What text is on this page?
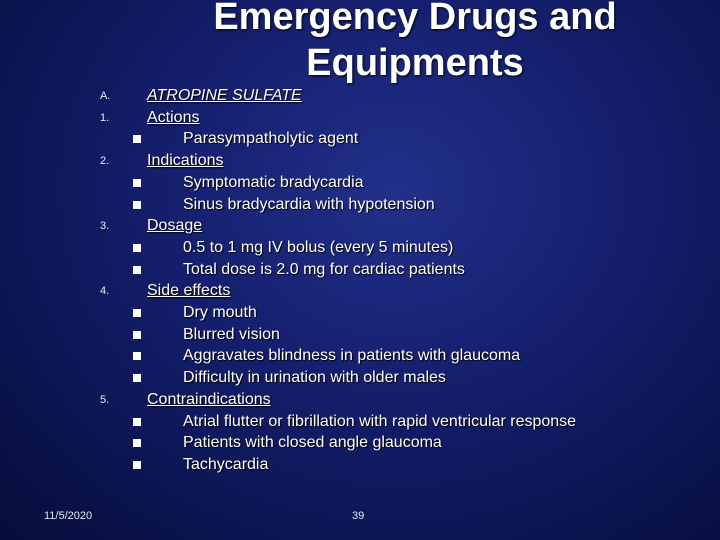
Emergency Drugs and Equipments
A. ATROPINE SULFATE
1. Actions
Parasympatholytic agent
2. Indications
Symptomatic bradycardia
Sinus bradycardia with hypotension
3. Dosage
0.5 to 1 mg IV bolus (every 5 minutes)
Total dose is 2.0 mg for cardiac patients
4. Side effects
Dry mouth
Blurred vision
Aggravates blindness in patients with glaucoma
Difficulty in urination with older males
5. Contraindications
Atrial flutter or fibrillation with rapid ventricular response
Patients with closed angle glaucoma
Tachycardia
11/5/2020	39
